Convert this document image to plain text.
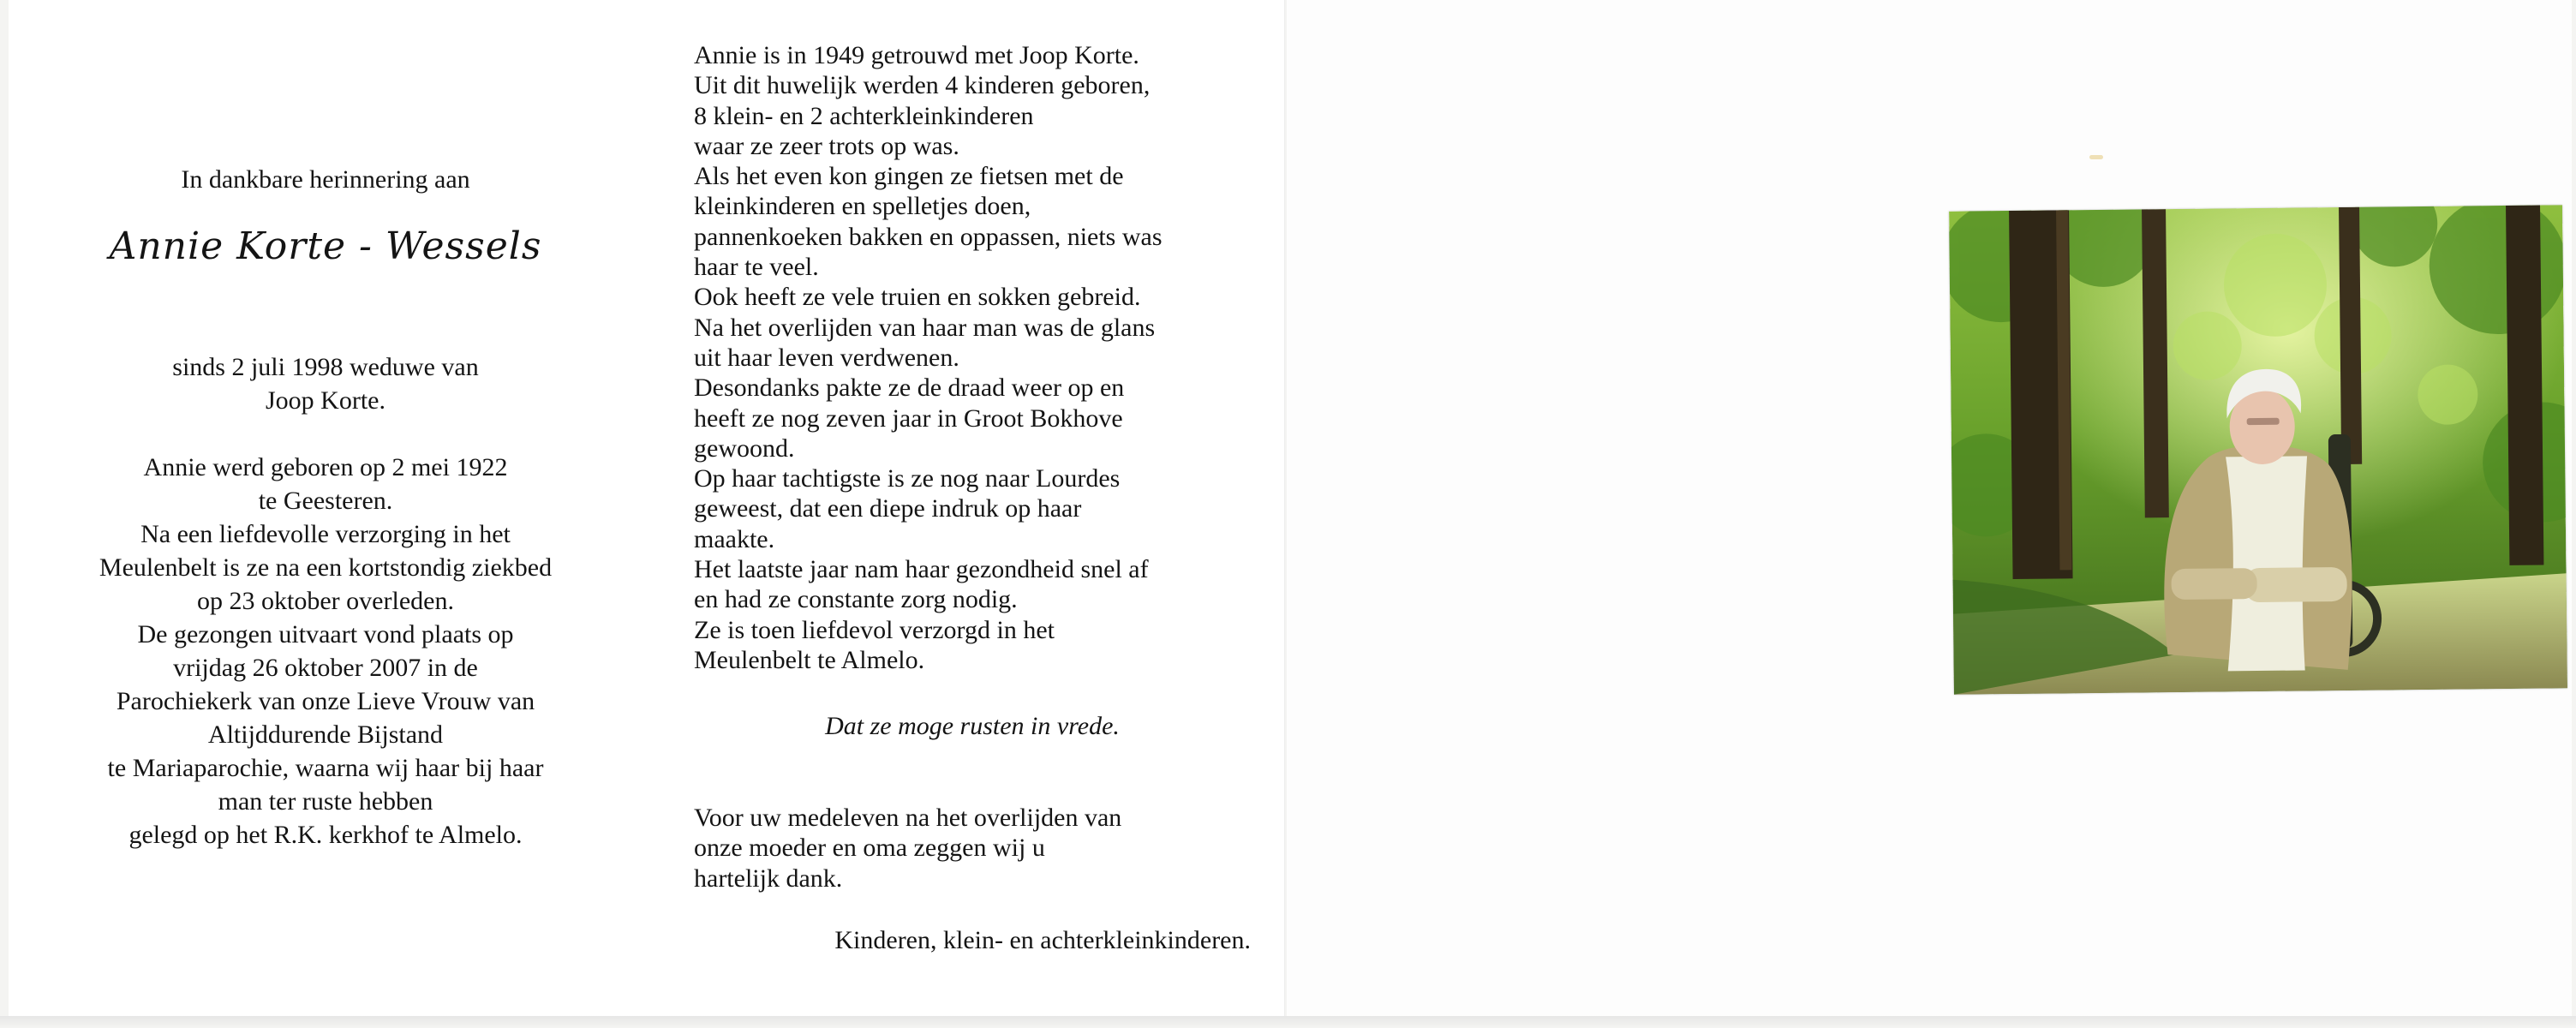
In dankbare herinnering aan

Annie Korte - Wessels

sinds 2 juli 1998 weduwe van
Joop Korte.

Annie werd geboren op 2 mei 1922
te Geesteren.
Na een liefdevolle verzorging in het
Meulenbelt is ze na een kortstondig ziekbed
op 23 oktober overleden.
De gezongen uitvaart vond plaats op
vrijdag 26 oktober 2007 in de
Parochiekerk van onze Lieve Vrouw van
Altijddurende Bijstand
te Mariaparochie, waarna wij haar bij haar
man ter ruste hebben
gelegd op het R.K. kerkhof te Almelo.

Annie is in 1949 getrouwd met Joop Korte.
Uit dit huwelijk werden 4 kinderen geboren,
8 klein- en 2 achterkleinkinderen
waar ze zeer trots op was.
Als het even kon gingen ze fietsen met de
kleinkinderen en spelletjes doen,
pannenkoeken bakken en oppassen, niets was
haar te veel.
Ook heeft ze vele truien en sokken gebreid.
Na het overlijden van haar man was de glans
uit haar leven verdwenen.
Desondanks pakte ze de draad weer op en
heeft ze nog zeven jaar in Groot Bokhove
gewoond.
Op haar tachtigste is ze nog naar Lourdes
geweest, dat een diepe indruk op haar
maakte.
Het laatste jaar nam haar gezondheid snel af
en had ze constante zorg nodig.
Ze is toen liefdevol verzorgd in het
Meulenbelt te Almelo.

Dat ze moge rusten in vrede.

Voor uw medeleven na het overlijden van
onze moeder en oma zeggen wij u
hartelijk dank.

Kinderen, klein- en achterkleinkinderen.
